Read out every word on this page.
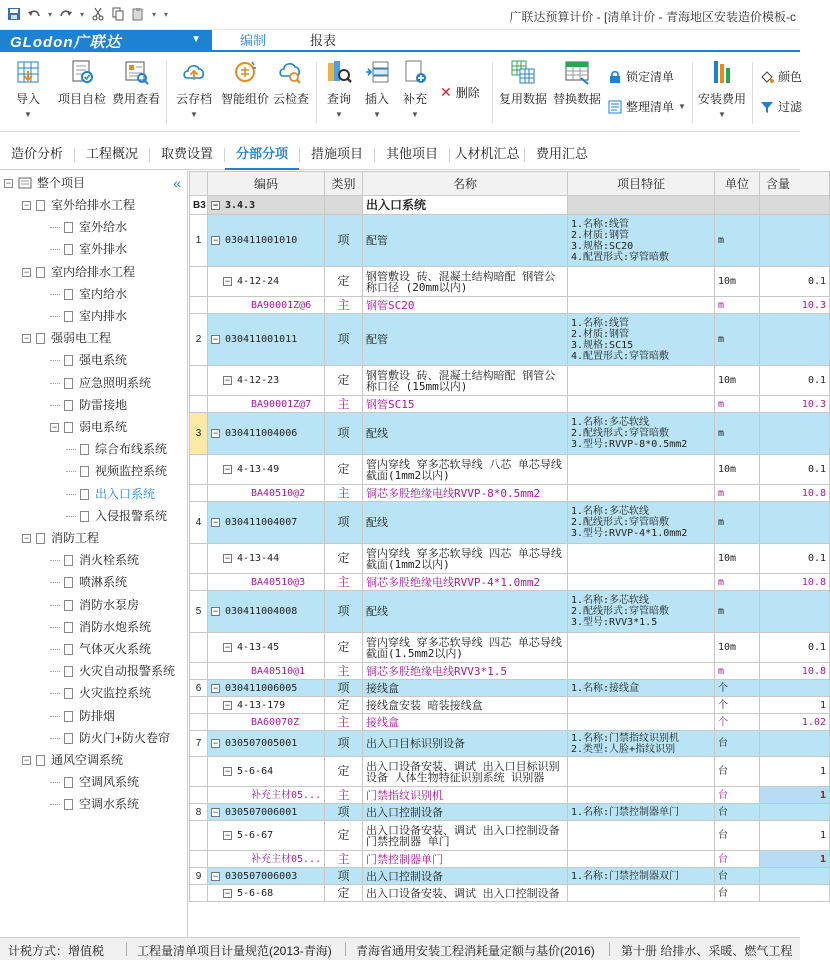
▾	▾	▾ ▾	广联达预算计价 - [清单计价 - 青海地区安装造价模板-c
GLodon广联达	▼	编制	报表
导入
▼
项目自检 费用查看	云存档
▼
智能组价 云检查	查询
▼
插入
▼
补充
▼
✕ 删除 复用数据 替换数据
锁定清单
整理清单 ▼
安装费用
▼
颜色
过滤
造价分析	工程概况	取费设置	分部分项	措施项目	其他项目	人材机汇总	费用汇总
− 整个项目	«
− 室外给排水工程
室外给水
室外排水
− 室内给排水工程
室内给水
室内排水
− 强弱电工程
强电系统
应急照明系统
防雷接地
− 弱电系统
综合布线系统
视频监控系统
出入口系统
入侵报警系统
− 消防工程
消火栓系统
喷淋系统
消防水泵房
消防水炮系统
气体灭火系统
火灾自动报警系统
火灾监控系统
防排烟
防火门+防火卷帘
− 通风空调系统
空调风系统
空调水系统
	编码	类别	名称	项目特征	单位	含量
B3	− 3.4.3		出入口系统			
1	− 030411001010	项	配管	1.名称:线管
2.材质:钢管
3.规格:SC20
4.配置形式:穿管暗敷	m	

	− 4-12-24	定	钢管敷设 砖、混凝土结构暗配 钢管公称口径 (20mm以内)		10m	0.1

	BA90001Z@6	主	钢管SC20		m	10.3
2	− 030411001011	项	配管	1.名称:线管
2.材质:钢管
3.规格:SC15
4.配置形式:穿管暗敷	m	

	− 4-12-23	定	钢管敷设 砖、混凝土结构暗配 钢管公称口径 (15mm以内)		10m	0.1

	BA90001Z@7	主	钢管SC15		m	10.3
3	− 030411004006	项	配线	1.名称:多芯软线
2.配线形式:穿管暗敷
3.型号:RVVP-8*0.5mm2	m	

	− 4-13-49	定	管内穿线 穿多芯软导线 八芯 单芯导线截面(1mm2以内)		10m	0.1

	BA40510@2	主	铜芯多股绝缘电线RVVP-8*0.5mm2		m	10.8
4	− 030411004007	项	配线	1.名称:多芯软线
2.配线形式:穿管暗敷
3.型号:RVVP-4*1.0mm2	m	

	− 4-13-44	定	管内穿线 穿多芯软导线 四芯 单芯导线截面(1mm2以内)		10m	0.1

	BA40510@3	主	铜芯多股绝缘电线RVVP-4*1.0mm2		m	10.8
5	− 030411004008	项	配线	1.名称:多芯软线
2.配线形式:穿管暗敷
3.型号:RVV3*1.5	m	

	− 4-13-45	定	管内穿线 穿多芯软导线 四芯 单芯导线截面(1.5mm2以内)		10m	0.1

	BA40510@1	主	铜芯多股绝缘电线RVV3*1.5		m	10.8
6	− 030411006005	项	接线盒	1.名称:接线盒	个	

	− 4-13-179	定	接线盒安装 暗装接线盒		个	1

	BA60070Z	主	接线盒		个	1.02
7	− 030507005001	项	出入口目标识别设备	1.名称:门禁指纹识别机
2.类型:人脸+指纹识别	台	

	− 5-6-64	定	出入口设备安装、调试 出入口目标识别设备 人体生物特征识别系统 识别器		台	1

	补充主材05...	主	门禁指纹识别机		台	1
8	− 030507006001	项	出入口控制设备	1.名称:门禁控制器单门	台	

	− 5-6-67	定	出入口设备安装、调试 出入口控制设备 门禁控制器 单门		台	1

	补充主材05...	主	门禁控制器单门		台	1
9	− 030507006003	项	出入口控制设备	1.名称:门禁控制器双门	台	

	− 5-6-68	定	出入口设备安装、调试 出入口控制设备		台	
计税方式：增值税	工程量清单项目计量规范(2013-青海) 青海省通用安装工程消耗量定额与基价(2016) 第十册 给排水、采暖、燃气工程
